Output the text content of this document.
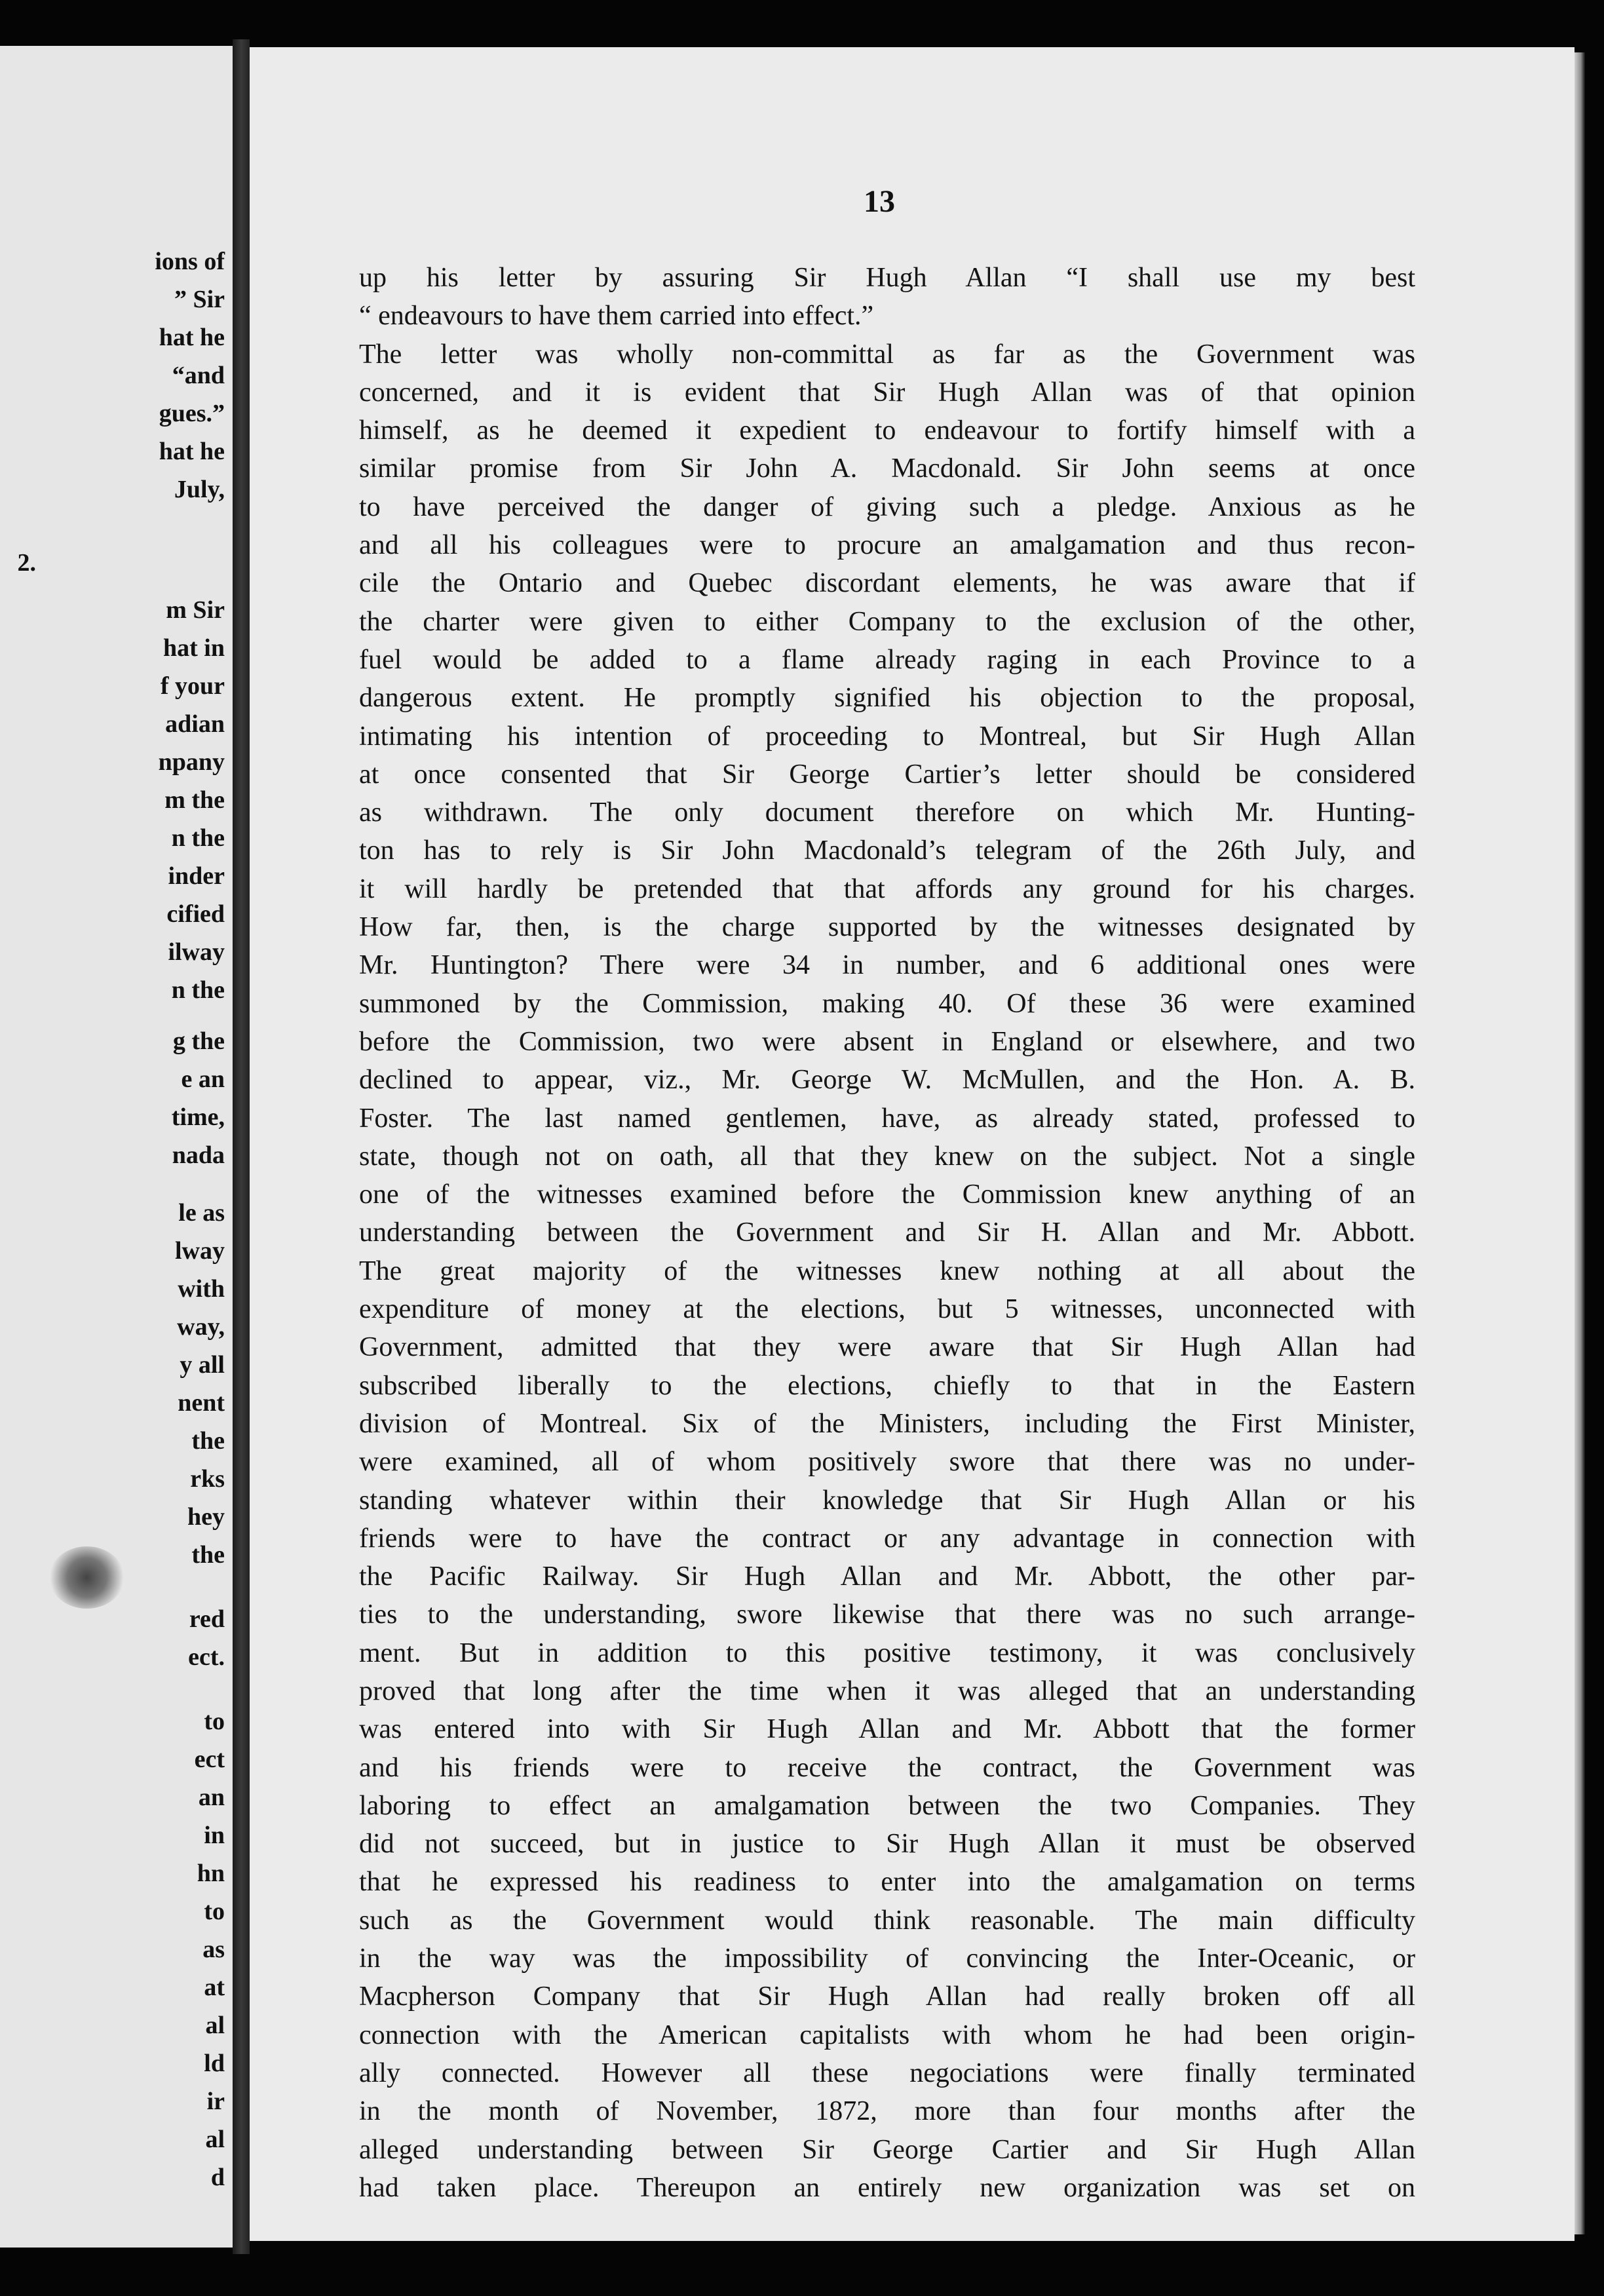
ions of
” Sir
hat he
“and
gues.”
hat he
July,
2.
m Sir
hat in
f your
adian
npany
m the
n the
inder
cified
ilway
n the
g the
e an
time,
nada
le as
lway
with
way,
y all
nent
the
rks
hey
the
red
ect.
to
ect
an
in
hn
to
as
at
al
ld
ir
al
d
13
up his letter by assuring Sir Hugh Allan “I shall use my best
“ endeavours to have them carried into effect.”
The letter was wholly non-committal as far as the Government was
concerned, and it is evident that Sir Hugh Allan was of that opinion
himself, as he deemed it expedient to endeavour to fortify himself with a
similar promise from Sir John A. Macdonald. Sir John seems at once
to have perceived the danger of giving such a pledge. Anxious as he
and all his colleagues were to procure an amalgamation and thus recon-
cile the Ontario and Quebec discordant elements, he was aware that if
the charter were given to either Company to the exclusion of the other,
fuel would be added to a flame already raging in each Province to a
dangerous extent. He promptly signified his objection to the proposal,
intimating his intention of proceeding to Montreal, but Sir Hugh Allan
at once consented that Sir George Cartier’s letter should be considered
as withdrawn. The only document therefore on which Mr. Hunting-
ton has to rely is Sir John Macdonald’s telegram of the 26th July, and
it will hardly be pretended that that affords any ground for his charges.
How far, then, is the charge supported by the witnesses designated by
Mr. Huntington? There were 34 in number, and 6 additional ones were
summoned by the Commission, making 40. Of these 36 were examined
before the Commission, two were absent in England or elsewhere, and two
declined to appear, viz., Mr. George W. McMullen, and the Hon. A. B.
Foster. The last named gentlemen, have, as already stated, professed to
state, though not on oath, all that they knew on the subject. Not a single
one of the witnesses examined before the Commission knew anything of an
understanding between the Government and Sir H. Allan and Mr. Abbott.
The great majority of the witnesses knew nothing at all about the
expenditure of money at the elections, but 5 witnesses, unconnected with
Government, admitted that they were aware that Sir Hugh Allan had
subscribed liberally to the elections, chiefly to that in the Eastern
division of Montreal. Six of the Ministers, including the First Minister,
were examined, all of whom positively swore that there was no under-
standing whatever within their knowledge that Sir Hugh Allan or his
friends were to have the contract or any advantage in connection with
the Pacific Railway. Sir Hugh Allan and Mr. Abbott, the other par-
ties to the understanding, swore likewise that there was no such arrange-
ment. But in addition to this positive testimony, it was conclusively
proved that long after the time when it was alleged that an understanding
was entered into with Sir Hugh Allan and Mr. Abbott that the former
and his friends were to receive the contract, the Government was
laboring to effect an amalgamation between the two Companies. They
did not succeed, but in justice to Sir Hugh Allan it must be observed
that he expressed his readiness to enter into the amalgamation on terms
such as the Government would think reasonable. The main difficulty
in the way was the impossibility of convincing the Inter-Oceanic, or
Macpherson Company that Sir Hugh Allan had really broken off all
connection with the American capitalists with whom he had been origin-
ally connected. However all these negociations were finally terminated
in the month of November, 1872, more than four months after the
alleged understanding between Sir George Cartier and Sir Hugh Allan
had taken place. Thereupon an entirely new organization was set on
